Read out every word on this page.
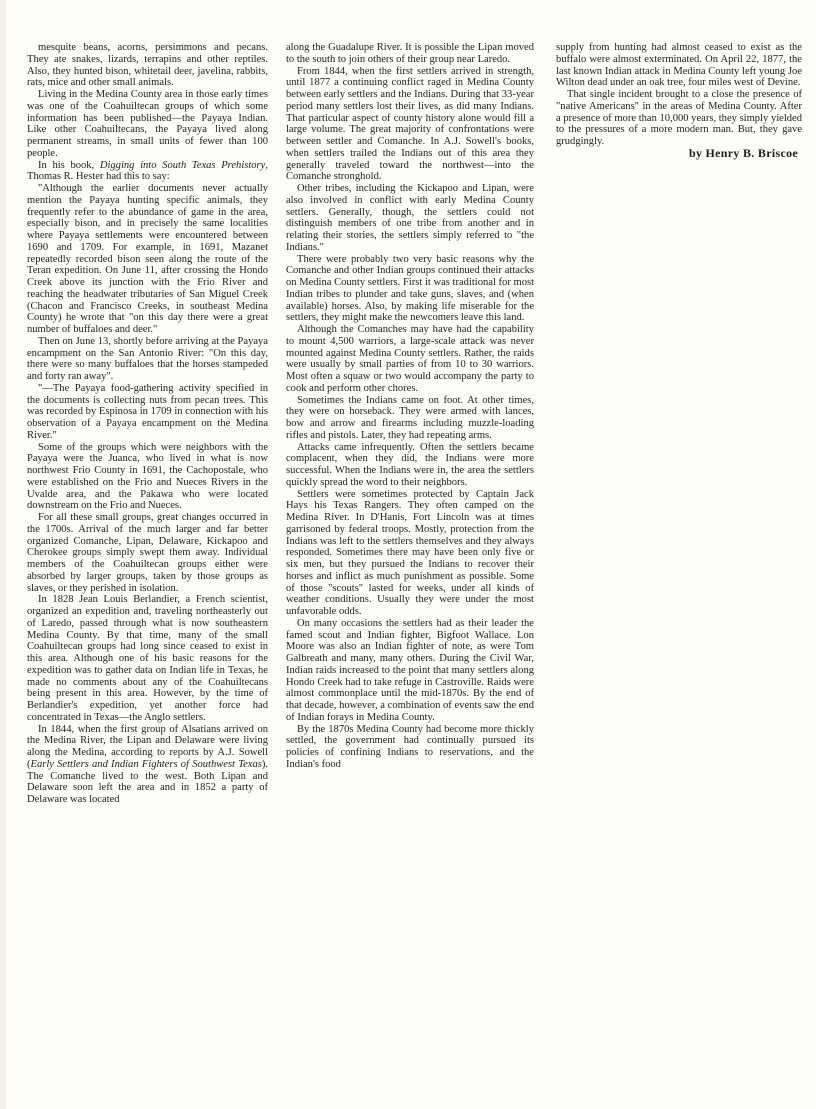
mesquite beans, acorns, persimmons and pecans. They ate snakes, lizards, terrapins and other reptiles. Also, they hunted bison, whitetail deer, javelina, rabbits, rats, mice and other small animals.

Living in the Medina County area in those early times was one of the Coahuiltecan groups of which some information has been published—the Payaya Indian. Like other Coahuiltecans, the Payaya lived along permanent streams, in small units of fewer than 100 people.

In his book, Digging into South Texas Prehistory, Thomas R. Hester had this to say:

"Although the earlier documents never actually mention the Payaya hunting specific animals, they frequently refer to the abundance of game in the area, especially bison, and in precisely the same localities where Payaya settlements were encountered between 1690 and 1709. For example, in 1691, Mazanet repeatedly recorded bison seen along the route of the Teran expedition. On June 11, after crossing the Hondo Creek above its junction with the Frio River and reaching the headwater tributaries of San Miguel Creek (Chacon and Francisco Creeks, in southeast Medina County) he wrote that "on this day there were a great number of buffaloes and deer."

Then on June 13, shortly before arriving at the Payaya encampment on the San Antonio River: "On this day, there were so many buffaloes that the horses stampeded and forty ran away".

"—The Payaya food-gathering activity specified in the documents is collecting nuts from pecan trees. This was recorded by Espinosa in 1709 in connection with his observation of a Payaya encampment on the Medina River."

Some of the groups which were neighbors with the Payaya were the Juanca, who lived in what is now northwest Frio County in 1691, the Cachopostale, who were established on the Frio and Nueces Rivers in the Uvalde area, and the Pakawa who were located downstream on the Frio and Nueces.

For all these small groups, great changes occurred in the 1700s. Arrival of the much larger and far better organized Comanche, Lipan, Delaware, Kickapoo and Cherokee groups simply swept them away. Individual members of the Coahuiltecan groups either were absorbed by larger groups, taken by those groups as slaves, or they perished in isolation.

In 1828 Jean Louis Berlandier, a French scientist, organized an expedition and, traveling northeasterly out of Laredo, passed through what is now southeastern Medina County. By that time, many of the small Coahuiltecan groups had long since ceased to exist in this area. Although one of his basic reasons for the expedition was to gather data on Indian life in Texas, he made no comments about any of the Coahuiltecans being present in this area. However, by the time of Berlandier's expedition, yet another force had concentrated in Texas—the Anglo settlers.

In 1844, when the first group of Alsatians arrived on the Medina River, the Lipan and Delaware were living along the Medina, according to reports by A.J. Sowell (Early Settlers and Indian Fighters of Southwest Texas). The Comanche lived to the west. Both Lipan and Delaware soon left the area and in 1852 a party of Delaware was located

along the Guadalupe River. It is possible the Lipan moved to the south to join others of their group near Laredo.

From 1844, when the first settlers arrived in strength, until 1877 a continuing conflict raged in Medina County between early settlers and the Indians. During that 33-year period many settlers lost their lives, as did many Indians. That particular aspect of county history alone would fill a large volume. The great majority of confrontations were between settler and Comanche. In A.J. Sowell's books, when settlers trailed the Indians out of this area they generally traveled toward the northwest—into the Comanche stronghold.

Other tribes, including the Kickapoo and Lipan, were also involved in conflict with early Medina County settlers. Generally, though, the settlers could not distinguish members of one tribe from another and in relating their stories, the settlers simply referred to "the Indians."

There were probably two very basic reasons why the Comanche and other Indian groups continued their attacks on Medina County settlers. First it was traditional for most Indian tribes to plunder and take guns, slaves, and (when available) horses. Also, by making life miserable for the settlers, they might make the newcomers leave this land.

Although the Comanches may have had the capability to mount 4,500 warriors, a large-scale attack was never mounted against Medina County settlers. Rather, the raids were usually by small parties of from 10 to 30 warriors. Most often a squaw or two would accompany the party to cook and perform other chores.

Sometimes the Indians came on foot. At other times, they were on horseback. They were armed with lances, bow and arrow and firearms including muzzle-loading rifles and pistols. Later, they had repeating arms.

Attacks came infrequently. Often the settlers became complacent, when they did, the Indians were more successful. When the Indians were in, the area the settlers quickly spread the word to their neighbors.

Settlers were sometimes protected by Captain Jack Hays his Texas Rangers. They often camped on the Medina River. In D'Hanis, Fort Lincoln was at times garrisoned by federal troops. Mostly, protection from the Indians was left to the settlers themselves and they always responded. Sometimes there may have been only five or six men, but they pursued the Indians to recover their horses and inflict as much punishment as possible. Some of those "scouts" lasted for weeks, under all kinds of weather conditions. Usually they were under the most unfavorable odds.

On many occasions the settlers had as their leader the famed scout and Indian fighter, Bigfoot Wallace. Lon Moore was also an Indian fighter of note, as were Tom Galbreath and many, many others. During the Civil War, Indian raids increased to the point that many settlers along Hondo Creek had to take refuge in Castroville. Raids were almost commonplace until the mid-1870s. By the end of that decade, however, a combination of events saw the end of Indian forays in Medina County.

By the 1870s Medina County had become more thickly settled, the government had continually pursued its policies of confining Indians to reservations, and the Indian's food

supply from hunting had almost ceased to exist as the buffalo were almost exterminated. On April 22, 1877, the last known Indian attack in Medina County left young Joe Wilton dead under an oak tree, four miles west of Devine.

That single incident brought to a close the presence of "native Americans" in the areas of Medina County. After a presence of more than 10,000 years, they simply yielded to the pressures of a more modern man. But, they gave grudgingly.

by Henry B. Briscoe
